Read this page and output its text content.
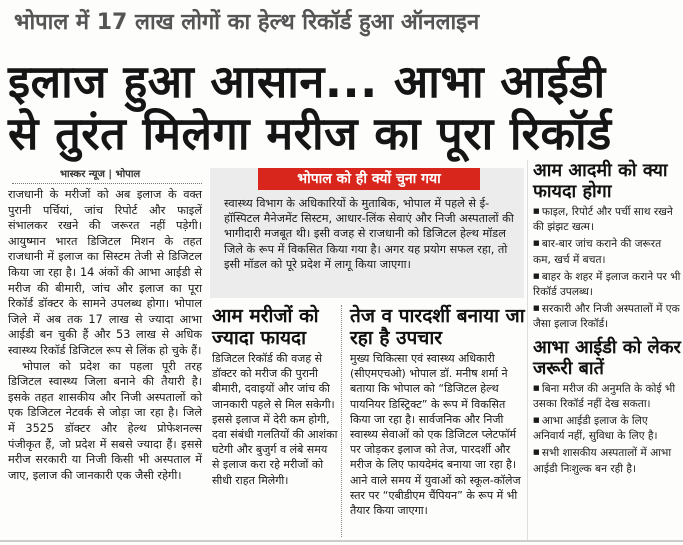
भोपाल में 17 लाख लोगों का हेल्थ रिकॉर्ड हुआ ऑनलाइन
इलाज हुआ आसान... आभा आईडी
से तुरंत मिलेगा मरीज का पूरा रिकॉर्ड
भास्कर न्यूज | भोपाल

राजधानी के मरीजों को अब इलाज के वक्त पुरानी पर्चियां, जांच रिपोर्ट और फाइलें संभालकर रखने की जरूरत नहीं पड़ेगी। आयुष्मान भारत डिजिटल मिशन के तहत राजधानी में इलाज का सिस्टम तेजी से डिजिटल किया जा रहा है। 14 अंकों की आभा आईडी से मरीज की बीमारी, जांच और इलाज का पूरा रिकॉर्ड डॉक्टर के सामने उपलब्ध होगा। भोपाल जिले में अब तक 17 लाख से ज्यादा आभा आईडी बन चुकी हैं और 53 लाख से अधिक स्वास्थ्य रिकॉर्ड डिजिटल रूप से लिंक हो चुके हैं।

भोपाल को प्रदेश का पहला पूरी तरह डिजिटल स्वास्थ्य जिला बनाने की तैयारी है। इसके तहत शासकीय और निजी अस्पतालों को एक डिजिटल नेटवर्क से जोड़ा जा रहा है। जिले में 3525 डॉक्टर और हेल्थ प्रोफेशनल्स पंजीकृत हैं, जो प्रदेश में सबसे ज्यादा हैं। इससे मरीज सरकारी या निजी किसी भी अस्पताल में जाए, इलाज की जानकारी एक जैसी रहेगी।

भोपाल को ही क्यों चुना गया
स्वास्थ्य विभाग के अधिकारियों के मुताबिक, भोपाल में पहले से ई-हॉस्पिटल मैनेजमेंट सिस्टम, आधार-लिंक सेवाएं और निजी अस्पतालों की भागीदारी मजबूत थी। इसी वजह से राजधानी को डिजिटल हेल्थ मॉडल जिले के रूप में विकसित किया गया है। अगर यह प्रयोग सफल रहा, तो इसी मॉडल को पूरे प्रदेश में लागू किया जाएगा।
आम मरीजों को ज्यादा फायदा

डिजिटल रिकॉर्ड की वजह से डॉक्टर को मरीज की पुरानी बीमारी, दवाइयों और जांच की जानकारी पहले से मिल सकेगी। इससे इलाज में देरी कम होगी, दवा संबंधी गलतियों की आशंका घटेगी और बुजुर्ग व लंबे समय से इलाज करा रहे मरीजों को सीधी राहत मिलेगी।

तेज व पारदर्शी बनाया जा रहा है उपचार

मुख्य चिकित्सा एवं स्वास्थ्य अधिकारी (सीएमएचओ) भोपाल डॉ. मनीष शर्मा ने बताया कि भोपाल को “डिजिटल हेल्थ पायनियर डिस्ट्रिक्ट” के रूप में विकसित किया जा रहा है। सार्वजनिक और निजी स्वास्थ्य सेवाओं को एक डिजिटल प्लेटफॉर्म पर जोड़कर इलाज को तेज, पारदर्शी और मरीज के लिए फायदेमंद बनाया जा रहा है। आने वाले समय में युवाओं को स्कूल-कॉलेज स्तर पर “एबीडीएम चैंपियन” के रूप में भी तैयार किया जाएगा।

आम आदमी को क्या फायदा होगा
■ फाइल, रिपोर्ट और पर्ची साथ रखने की झंझट खत्म।
■ बार-बार जांच कराने की जरूरत कम, खर्च में बचत।
■ बाहर के शहर में इलाज कराने पर भी रिकॉर्ड उपलब्ध।
■ सरकारी और निजी अस्पतालों में एक जैसा इलाज रिकॉर्ड।
आभा आईडी को लेकर जरूरी बातें
■ बिना मरीज की अनुमति के कोई भी उसका रिकॉर्ड नहीं देख सकता।
■ आभा आईडी इलाज के लिए अनिवार्य नहीं, सुविधा के लिए है।
■ सभी शासकीय अस्पतालों में आभा आईडी निःशुल्क बन रही है।
